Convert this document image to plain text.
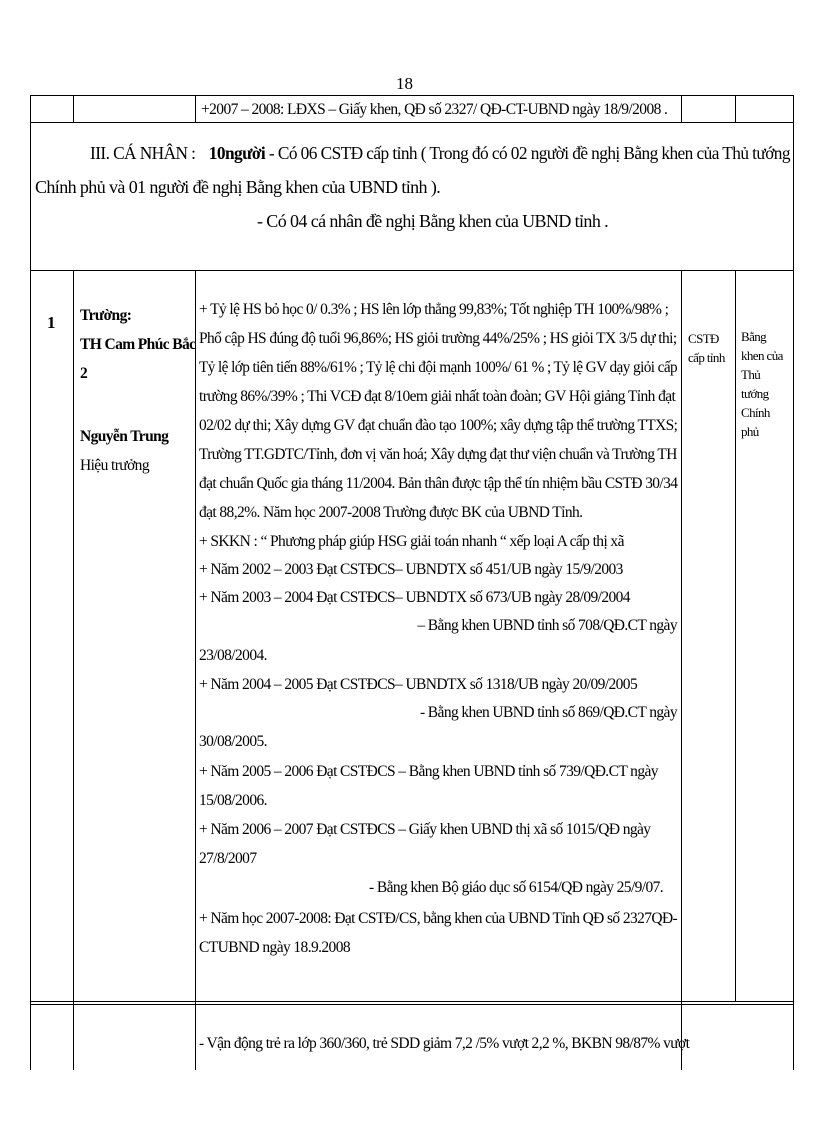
18
+2007 – 2008: LĐXS – Giấy khen, QĐ số 2327/ QĐ-CT-UBND ngày 18/9/2008 .
III. CÁ NHÂN : 10người - Có 06 CSTĐ cấp tỉnh ( Trong đó có 02 người đề nghị Bằng khen của Thủ tướng
Chính phủ và 01 người đề nghị Bằng khen của UBND tỉnh ).
- Có 04 cá nhân đề nghị Bằng khen của UBND tỉnh .
1 Trường:
TH Cam Phúc Bắc
2
Nguyễn Trung
Hiệu trưởng
+ Tỷ lệ HS bỏ học 0/ 0.3% ; HS lên lớp thẳng 99,83%; Tốt nghiệp TH 100%/98% ;
Phổ cập HS đúng độ tuổi 96,86%; HS giỏi trường 44%/25% ; HS giỏi TX 3/5 dự thi;
Tỷ lệ lớp tiên tiến 88%/61% ; Tỷ lệ chi đội mạnh 100%/ 61 % ; Tỷ lệ GV dạy giỏi cấp
trường 86%/39% ; Thi VCĐ đạt 8/10em giải nhất toàn đoàn; GV Hội giảng Tỉnh đạt
02/02 dự thi; Xây dựng GV đạt chuẩn đào tạo 100%; xây dựng tập thể trường TTXS;
Trường TT.GDTC/Tỉnh, đơn vị văn hoá; Xây dựng đạt thư viện chuẩn và Trường TH
đạt chuẩn Quốc gia tháng 11/2004. Bản thân được tập thể tín nhiệm bầu CSTĐ 30/34
đạt 88,2%. Năm học 2007-2008 Trường được BK của UBND Tỉnh.
+ SKKN : “ Phương pháp giúp HSG giải toán nhanh “ xếp loại A cấp thị xã
+ Năm 2002 – 2003 Đạt CSTĐCS– UBNDTX số 451/UB ngày 15/9/2003
+ Năm 2003 – 2004 Đạt CSTĐCS– UBNDTX số 673/UB ngày 28/09/2004
– Bằng khen UBND tỉnh số 708/QĐ.CT ngày
23/08/2004.
+ Năm 2004 – 2005 Đạt CSTĐCS– UBNDTX số 1318/UB ngày 20/09/2005
- Bằng khen UBND tỉnh số 869/QĐ.CT ngày
30/08/2005.
+ Năm 2005 – 2006 Đạt CSTĐCS – Bằng khen UBND tỉnh số 739/QĐ.CT ngày
15/08/2006.
+ Năm 2006 – 2007 Đạt CSTĐCS – Giấy khen UBND thị xã số 1015/QĐ ngày
27/8/2007
- Bằng khen Bộ giáo dục số 6154/QĐ ngày 25/9/07.
+ Năm học 2007-2008: Đạt CSTĐ/CS, bằng khen của UBND Tỉnh QĐ số 2327QĐ-
CTUBND ngày 18.9.2008
CSTĐ
cấp tỉnh
Bằng
khen của
Thủ
tướng
Chính
phủ
- Vận động trẻ ra lớp 360/360, trẻ SDD giảm 7,2 /5% vượt 2,2 %, BKBN 98/87% vượt
